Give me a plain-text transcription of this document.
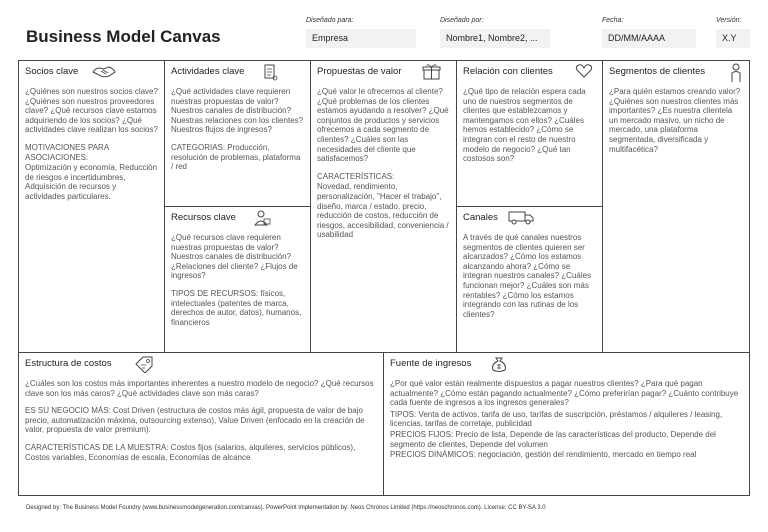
Business Model Canvas
Diseñado para:
Empresa
Diseñado por:
Nombre1, Nombre2, ...
Fecha:
DD/MM/AAAA
Versión:
X.Y
Socios clave
¿Quiénes son nuestros socios clave? ¿Quiénes son nuestros proveedores clave? ¿Qué recursos clave estamos adquiriendo de los socios? ¿Qué actividades clave realizan los socios?
MOTIVACIONES PARA ASOCIACIONES:
Optimización y economía, Reducción de riesgos e incertidumbres, Adquisición de recursos y actividades particulares.
Actividades clave
¿Qué actividades clave requieren nuestras propuestas de valor? Nuestros canales de distribución? Nuestras relaciones con los clientes? Nuestros flujos de ingresos?
CATEGORIAS: Producción, resolución de problemas, plataforma / red
Recursos clave
¿Qué recursos clave requieren nuestras propuestas de valor? Nuestros canales de distribución? ¿Relaciones del cliente? ¿Flujos de ingresos?
TIPOS DE RECURSOS: físicos, intelectuales (patentes de marca, derechos de autor, datos), humanos, financieros
Propuestas de valor
¿Qué valor le ofrecemos al cliente? ¿Qué problemas de los clientes estamos ayudando a resolver? ¿Qué conjuntos de productos y servicios ofrecemos a cada segmento de clientes? ¿Cuáles son las necesidades del cliente que satisfacemos?
CARACTERÍSTICAS:
Novedad, rendimiento, personalización, "Hacer el trabajo", diseño, marca / estado, precio, reducción de costos, reducción de riesgos, accesibilidad, conveniencia / usabilidad
Relación con clientes
¿Qué tipo de relación espera cada uno de nuestros segmentos de clientes que establezcamos y mantengamos con ellos? ¿Cuáles hemos establecido? ¿Cómo se integran con el resto de nuestro modelo de negocio? ¿Qué tan costosos son?
Canales
A través de qué canales nuestros segmentos de clientes quieren ser alcanzados? ¿Cómo los estamos alcanzando ahora? ¿Cómo se integran nuestros canales? ¿Cuáles funcionan mejor? ¿Cuáles son más rentables? ¿Cómo los estamos integrando con las rutinas de los clientes?
Segmentos de clientes
¿Para quién estamos creando valor? ¿Quiénes son nuestros clientes más importantes? ¿Es nuestra clientela un mercado masivo, un nicho de mercado, una plataforma segmentada, diversificada y multifacética?
Estructura de costos
¿Cuáles son los costos más importantes inherentes a nuestro modelo de negocio? ¿Qué recursos clave son los más caros? ¿Qué actividades clave son más caras?
ES SU NEGOCIO MÁS: Cost Driven (estructura de costos más ágil, propuesta de valor de bajo precio, automatización máxima, outsourcing extenso), Value Driven (enfocado en la creación de valor, propuesta de valor premium).
CARACTERÍSTICAS DE LA MUESTRA: Costos fijos (salarios, alquileres, servicios públicos), Costos variables, Economías de escala, Economías de alcance
Fuente de ingresos
¿Por qué valor están realmente dispuestos a pagar nuestros clientes? ¿Para qué pagan actualmente? ¿Cómo están pagando actualmente? ¿Cómo preferirían pagar? ¿Cuánto contribuye cada fuente de ingresos a los ingresos generales?
TIPOS: Venta de activos, tarifa de uso, tarifas de suscripción, préstamos / alquileres / leasing, licencias, tarifas de corretaje, publicidad
PRECIOS FIJOS: Precio de lista, Depende de las características del producto, Depende del segmento de clientes, Depende del volumen
PRECIOS DINÁMICOS: negociación, gestión del rendimiento, mercado en tiempo real
Designed by: The Business Model Foundry (www.businessmodelgeneration.com/canvas). PowerPoint implementation by: Neos Chronos Limited (https://neoschronos.com). License: CC BY-SA 3.0
